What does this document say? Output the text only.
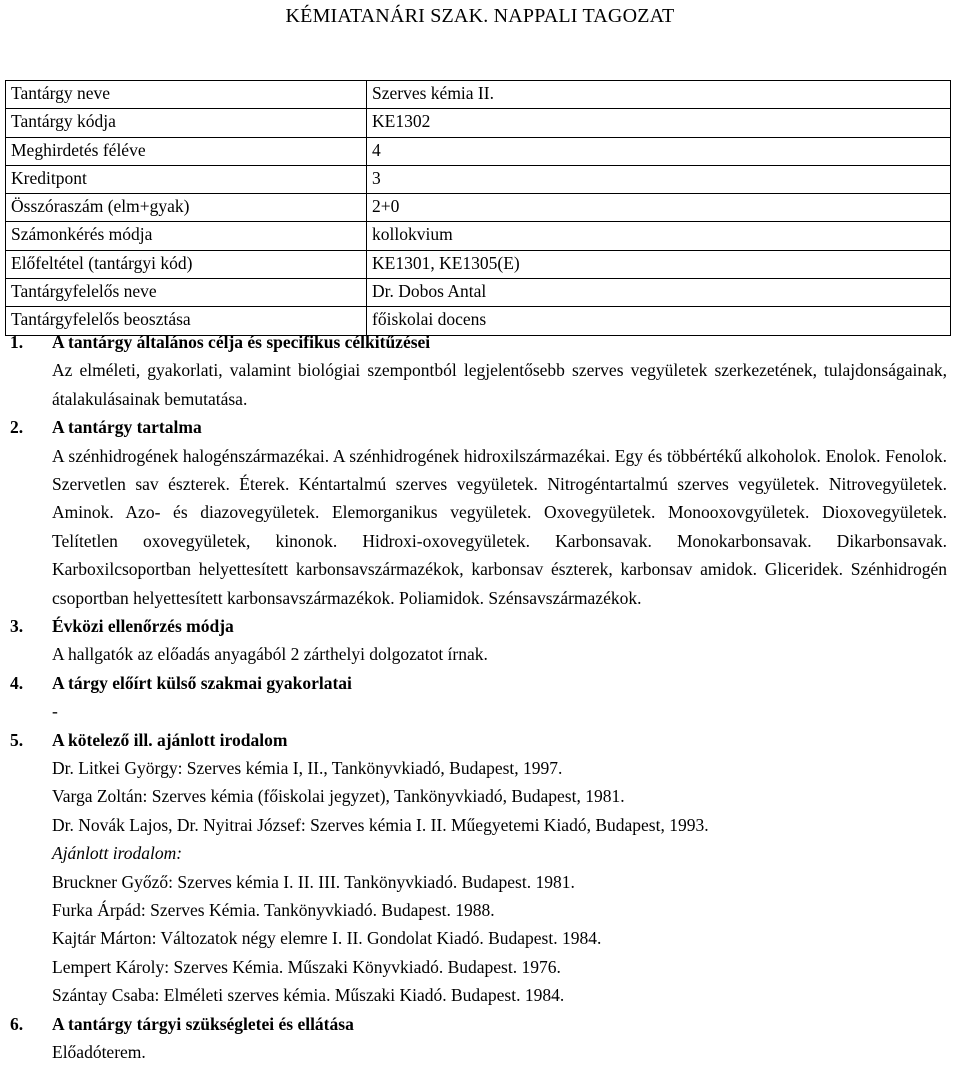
KÉMIATANÁRI SZAK. NAPPALI TAGOZAT
Tantárgy neve	Szerves kémia II.
Tantárgy kódja	KE1302
Meghirdetés féléve	4
Kreditpont	3
Összóraszám (elm+gyak)	2+0
Számonkérés módja	kollokvium
Előfeltétel (tantárgyi kód)	KE1301, KE1305(E)
Tantárgyfelelős neve	Dr. Dobos Antal
Tantárgyfelelős beosztása	főiskolai docens
1. A tantárgy általános célja és specifikus célkitűzései

Az elméleti, gyakorlati, valamint biológiai szempontból legjelentősebb szerves vegyületek szerkezetének, tulajdonságainak, átalakulásainak bemutatása.

2. A tantárgy tartalma

A szénhidrogének halogénszármazékai. A szénhidrogének hidroxilszármazékai. Egy és többértékű alkoholok. Enolok. Fenolok. Szervetlen sav észterek. Éterek. Kéntartalmú szerves vegyületek. Nitrogéntartalmú szerves vegyületek. Nitrovegyületek. Aminok. Azo- és diazovegyületek. Elemorganikus vegyületek. Oxovegyületek. Monooxovgyületek. Dioxovegyületek. Telítetlen oxovegyületek, kinonok. Hidroxi-oxovegyületek. Karbonsavak. Monokarbonsavak. Dikarbonsavak. Karboxilcsoportban helyettesített karbonsavszármazékok, karbonsav észterek, karbonsav amidok. Gliceridek. Szénhidrogén csoportban helyettesített karbonsavszármazékok. Poliamidok. Szénsavszármazékok.

3. Évközi ellenőrzés módja
A hallgatók az előadás anyagából 2 zárthelyi dolgozatot írnak.
4. A tárgy előírt külső szakmai gyakorlatai
-
5. A kötelező ill. ajánlott irodalom
Dr. Litkei György: Szerves kémia I, II., Tankönyvkiadó, Budapest, 1997.
Varga Zoltán: Szerves kémia (főiskolai jegyzet), Tankönyvkiadó, Budapest, 1981.
Dr. Novák Lajos, Dr. Nyitrai József: Szerves kémia I. II. Műegyetemi Kiadó, Budapest, 1993.
Ajánlott irodalom:
Bruckner Győző: Szerves kémia I. II. III. Tankönyvkiadó. Budapest. 1981.
Furka Árpád: Szerves Kémia. Tankönyvkiadó. Budapest. 1988.
Kajtár Márton: Változatok négy elemre I. II. Gondolat Kiadó. Budapest. 1984.
Lempert Károly: Szerves Kémia. Műszaki Könyvkiadó. Budapest. 1976.
Szántay Csaba: Elméleti szerves kémia. Műszaki Kiadó. Budapest. 1984.
6. A tantárgy tárgyi szükségletei és ellátása
Előadóterem.
